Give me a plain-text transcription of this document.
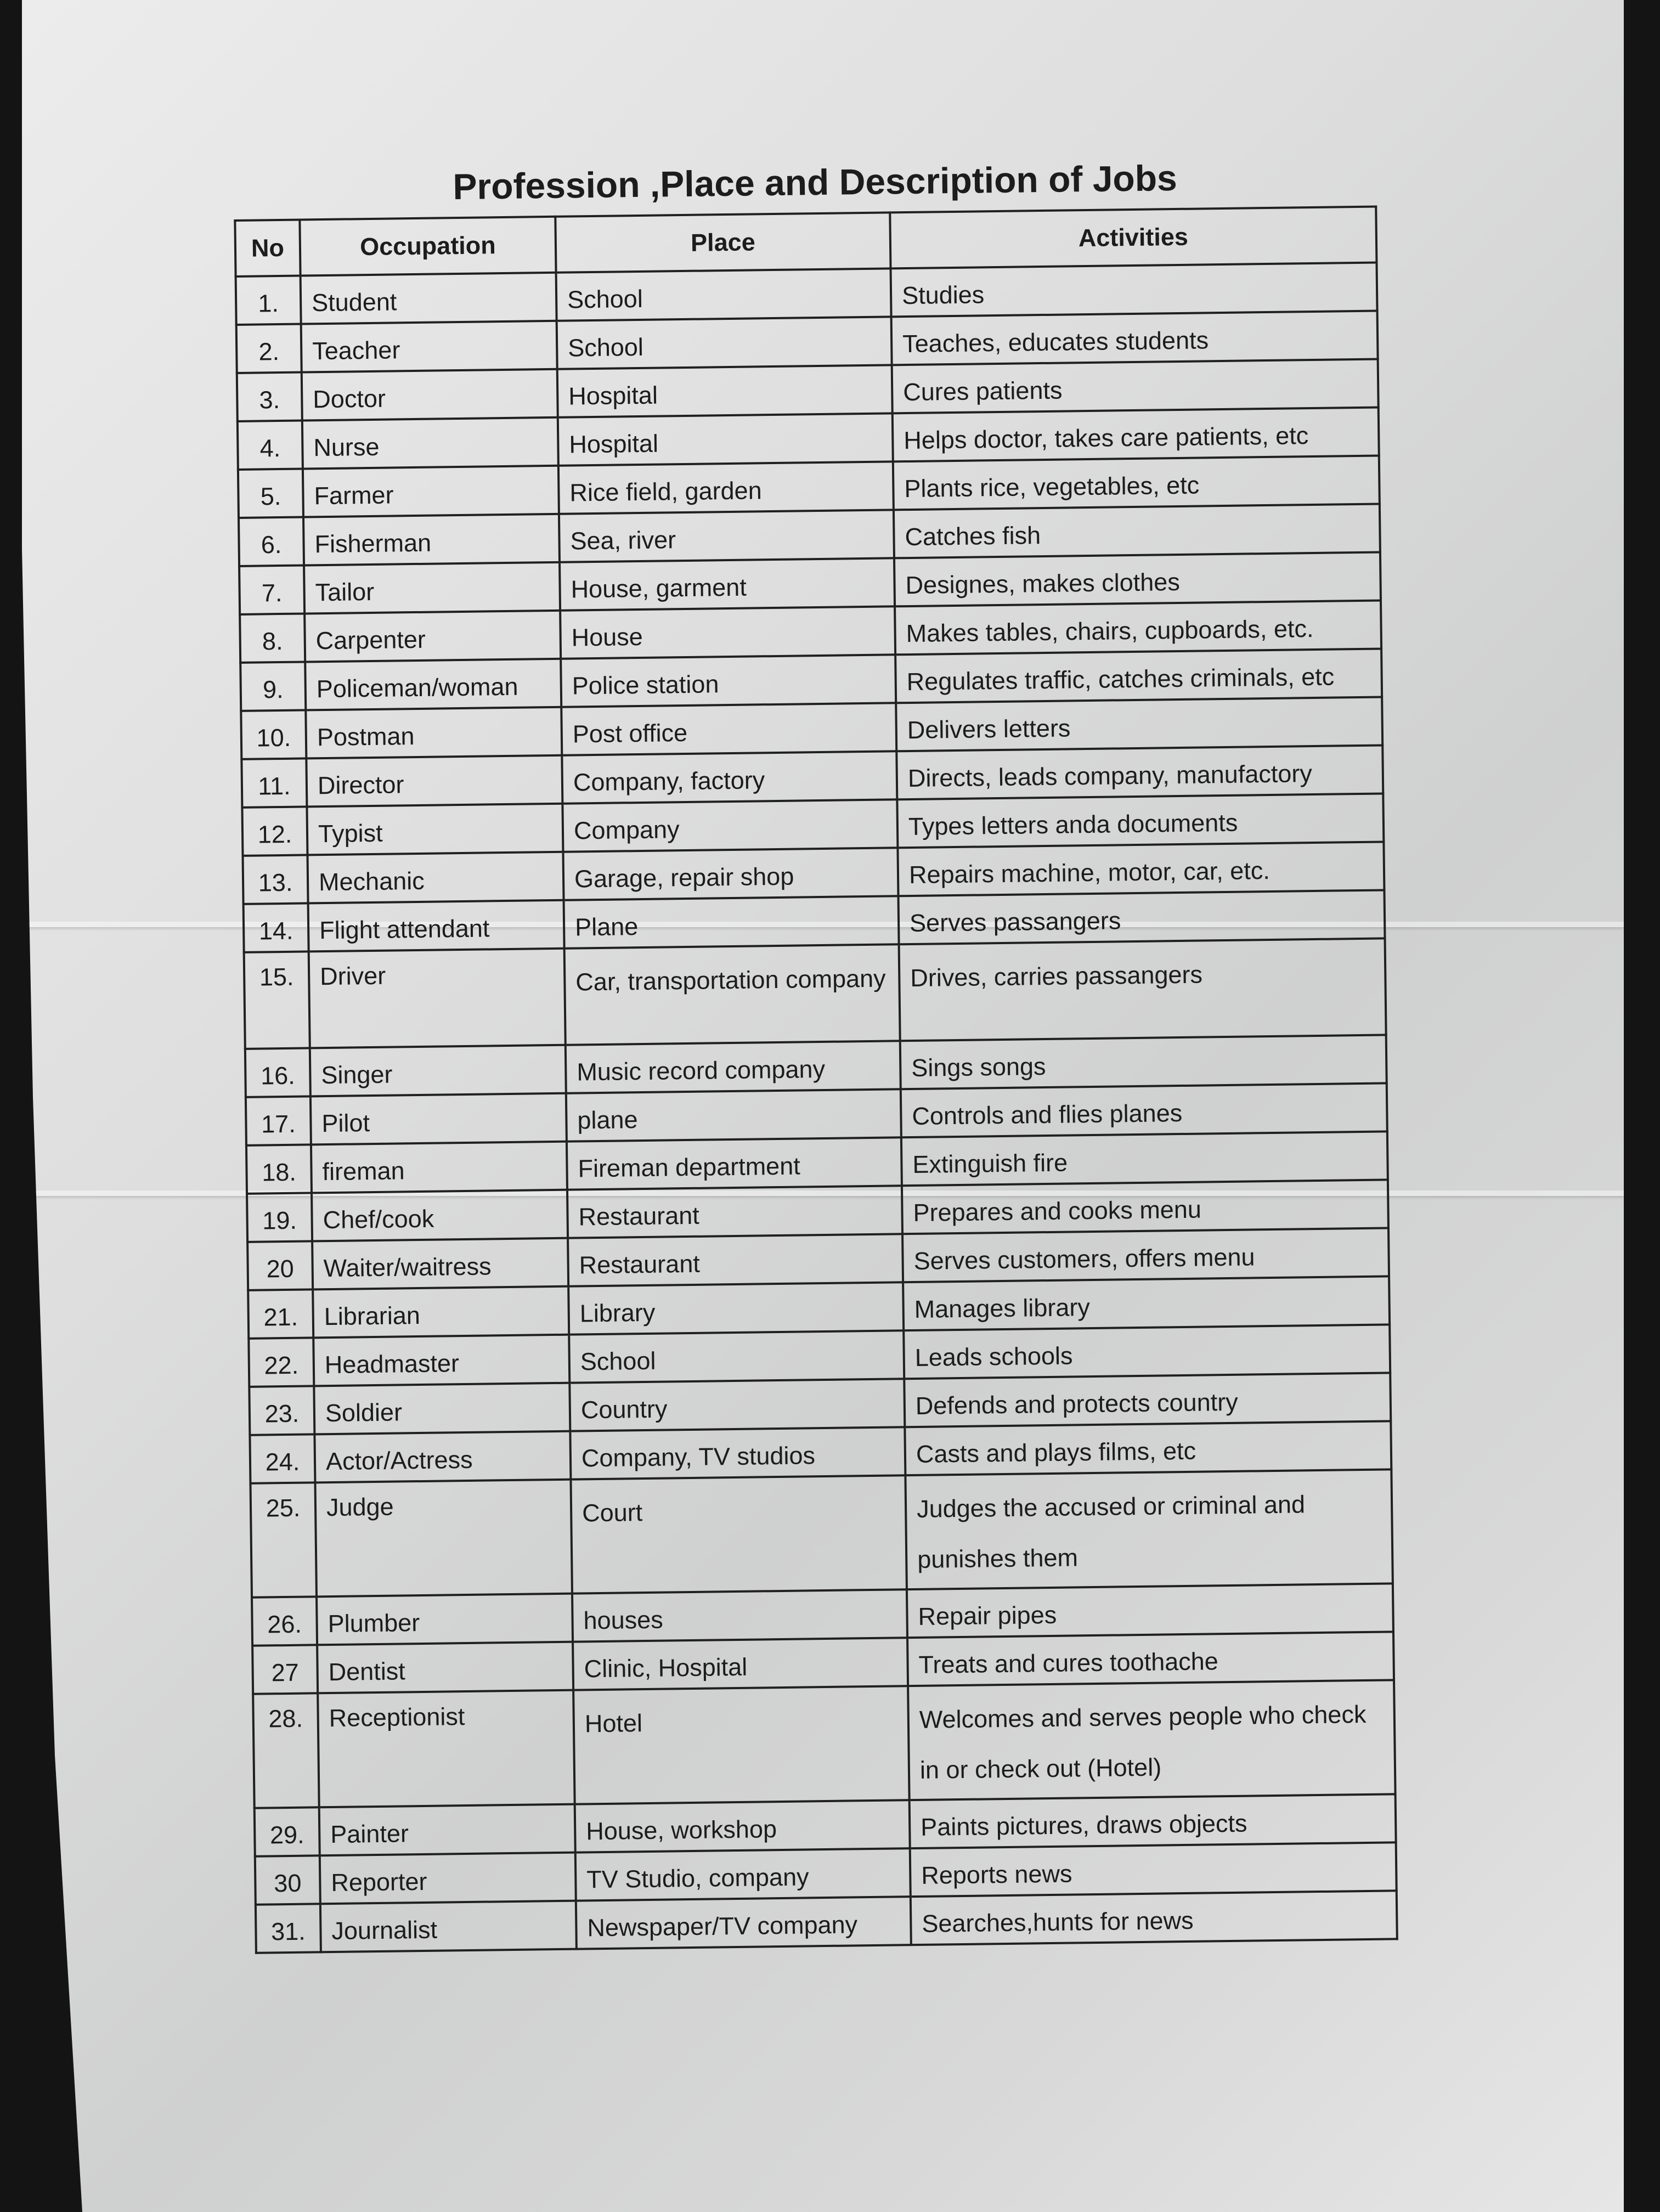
Profession ,Place and Description of Jobs
No	Occupation	Place	Activities
1.	Student	School	Studies
2.	Teacher	School	Teaches, educates students
3.	Doctor	Hospital	Cures patients
4.	Nurse	Hospital	Helps doctor, takes care patients, etc
5.	Farmer	Rice field, garden	Plants rice, vegetables, etc
6.	Fisherman	Sea, river	Catches fish
7.	Tailor	House, garment	Designes, makes clothes
8.	Carpenter	House	Makes tables, chairs, cupboards, etc.
9.	Policeman/woman	Police station	Regulates traffic, catches criminals, etc
10.	Postman	Post office	Delivers letters
11.	Director	Company, factory	Directs, leads company, manufactory
12.	Typist	Company	Types letters anda documents
13.	Mechanic	Garage, repair shop	Repairs machine, motor, car, etc.
14.	Flight attendant	Plane	Serves passangers
15.	Driver	Car, transportation company	Drives, carries passangers
16.	Singer	Music record company	Sings songs
17.	Pilot	plane	Controls and flies planes
18.	fireman	Fireman department	Extinguish fire
19.	Chef/cook	Restaurant	Prepares and cooks menu
20	Waiter/waitress	Restaurant	Serves customers, offers menu
21.	Librarian	Library	Manages library
22.	Headmaster	School	Leads schools
23.	Soldier	Country	Defends and protects country
24.	Actor/Actress	Company, TV studios	Casts and plays films, etc
25.	Judge	Court	Judges the accused or criminal and punishes them
26.	Plumber	houses	Repair pipes
27	Dentist	Clinic, Hospital	Treats and cures toothache
28.	Receptionist	Hotel	Welcomes and serves people who check in or check out (Hotel)
29.	Painter	House, workshop	Paints pictures, draws objects
30	Reporter	TV Studio, company	Reports news
31.	Journalist	Newspaper/TV company	Searches,hunts for news
